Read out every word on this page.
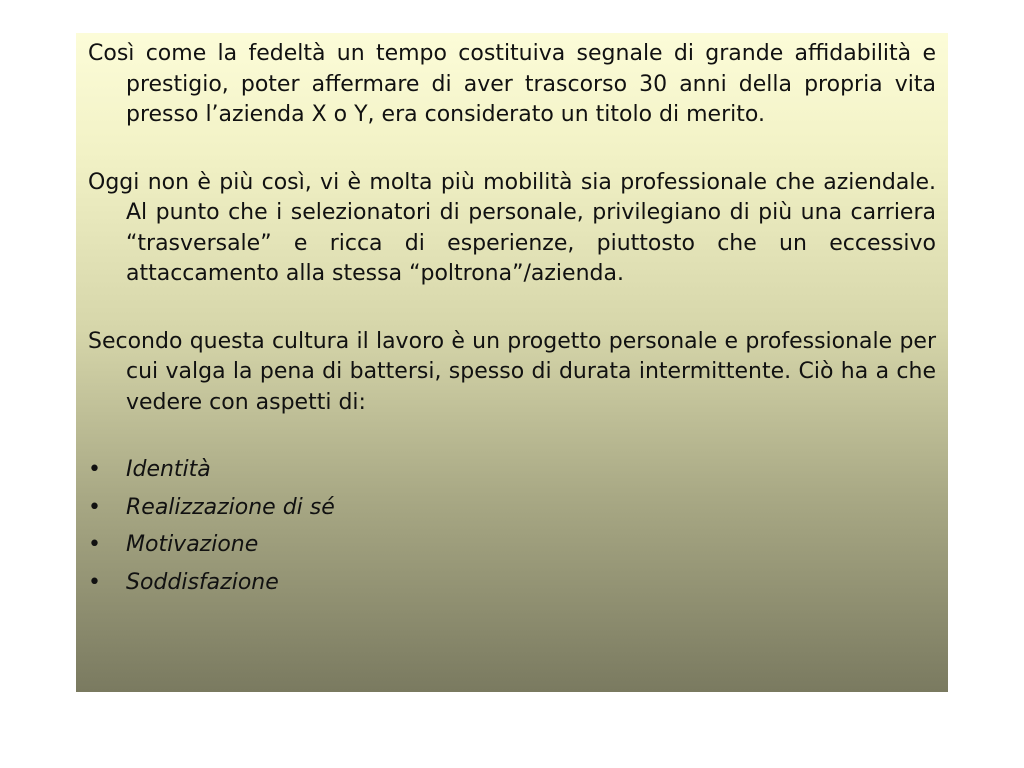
Così come la fedeltà un tempo costituiva segnale di grande affidabilità e prestigio, poter affermare di aver trascorso 30 anni della propria vita presso l’azienda X o Y, era considerato un titolo di merito.

Oggi non è più così, vi è molta più mobilità sia professionale che aziendale. Al punto che i selezionatori di personale, privilegiano di più una carriera “trasversale” e ricca di esperienze, piuttosto che un eccessivo attaccamento alla stessa “poltrona”/azienda.

Secondo questa cultura il lavoro è un progetto personale e professionale per cui valga la pena di battersi, spesso di durata intermittente. Ciò ha a che vedere con aspetti di:

• Identità
• Realizzazione di sé
• Motivazione
• Soddisfazione
